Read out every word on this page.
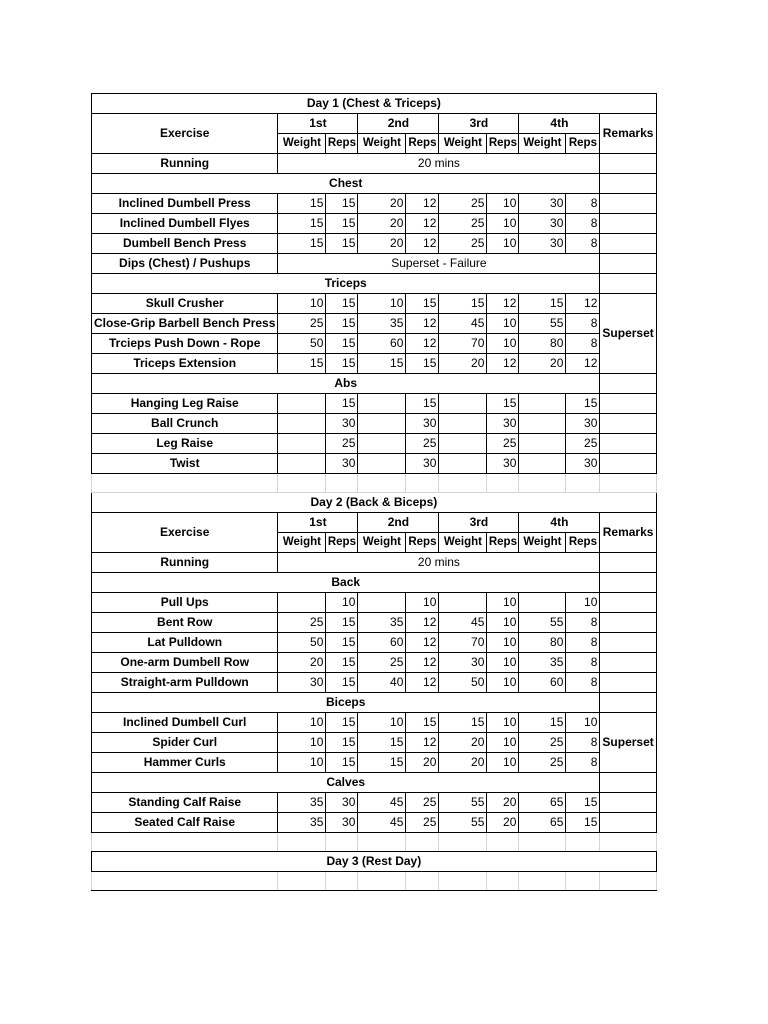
Day 1 (Chest & Triceps)									
Exercise	1st		2nd		3rd		4th		Remarks
	Weight	Reps	Weight	Reps	Weight	Reps	Weight	Reps	
Running	20 mins								
Chest									
Inclined Dumbell Press	15	15	20	12	25	10	30	8	
Inclined Dumbell Flyes	15	15	20	12	25	10	30	8	
Dumbell Bench Press	15	15	20	12	25	10	30	8	
Dips (Chest) / Pushups	Superset - Failure								
Triceps									
Skull Crusher	10	15	10	15	15	12	15	12	Superset
Close-Grip Barbell Bench Press	25	15	35	12	45	10	55	8	
Trcieps Push Down - Rope	50	15	60	12	70	10	80	8	
Triceps Extension	15	15	15	15	20	12	20	12	
Abs									
Hanging Leg Raise		15		15		15		15	
Ball Crunch		30		30		30		30	
Leg Raise		25		25		25		25	
Twist		30		30		30		30	

Day 2 (Back & Biceps)									
Exercise	1st		2nd		3rd		4th		Remarks
	Weight	Reps	Weight	Reps	Weight	Reps	Weight	Reps	
Running	20 mins								
Back									
Pull Ups		10		10		10		10	
Bent Row	25	15	35	12	45	10	55	8	
Lat Pulldown	50	15	60	12	70	10	80	8	
One-arm Dumbell Row	20	15	25	12	30	10	35	8	
Straight-arm Pulldown	30	15	40	12	50	10	60	8	
Biceps									
Inclined Dumbell Curl	10	15	10	15	15	10	15	10	Superset
Spider Curl	10	15	15	12	20	10	25	8	
Hammer Curls	10	15	15	20	20	10	25	8	
Calves									
Standing Calf Raise	35	30	45	25	55	20	65	15	
Seated Calf Raise	35	30	45	25	55	20	65	15	

Day 3 (Rest Day)									
